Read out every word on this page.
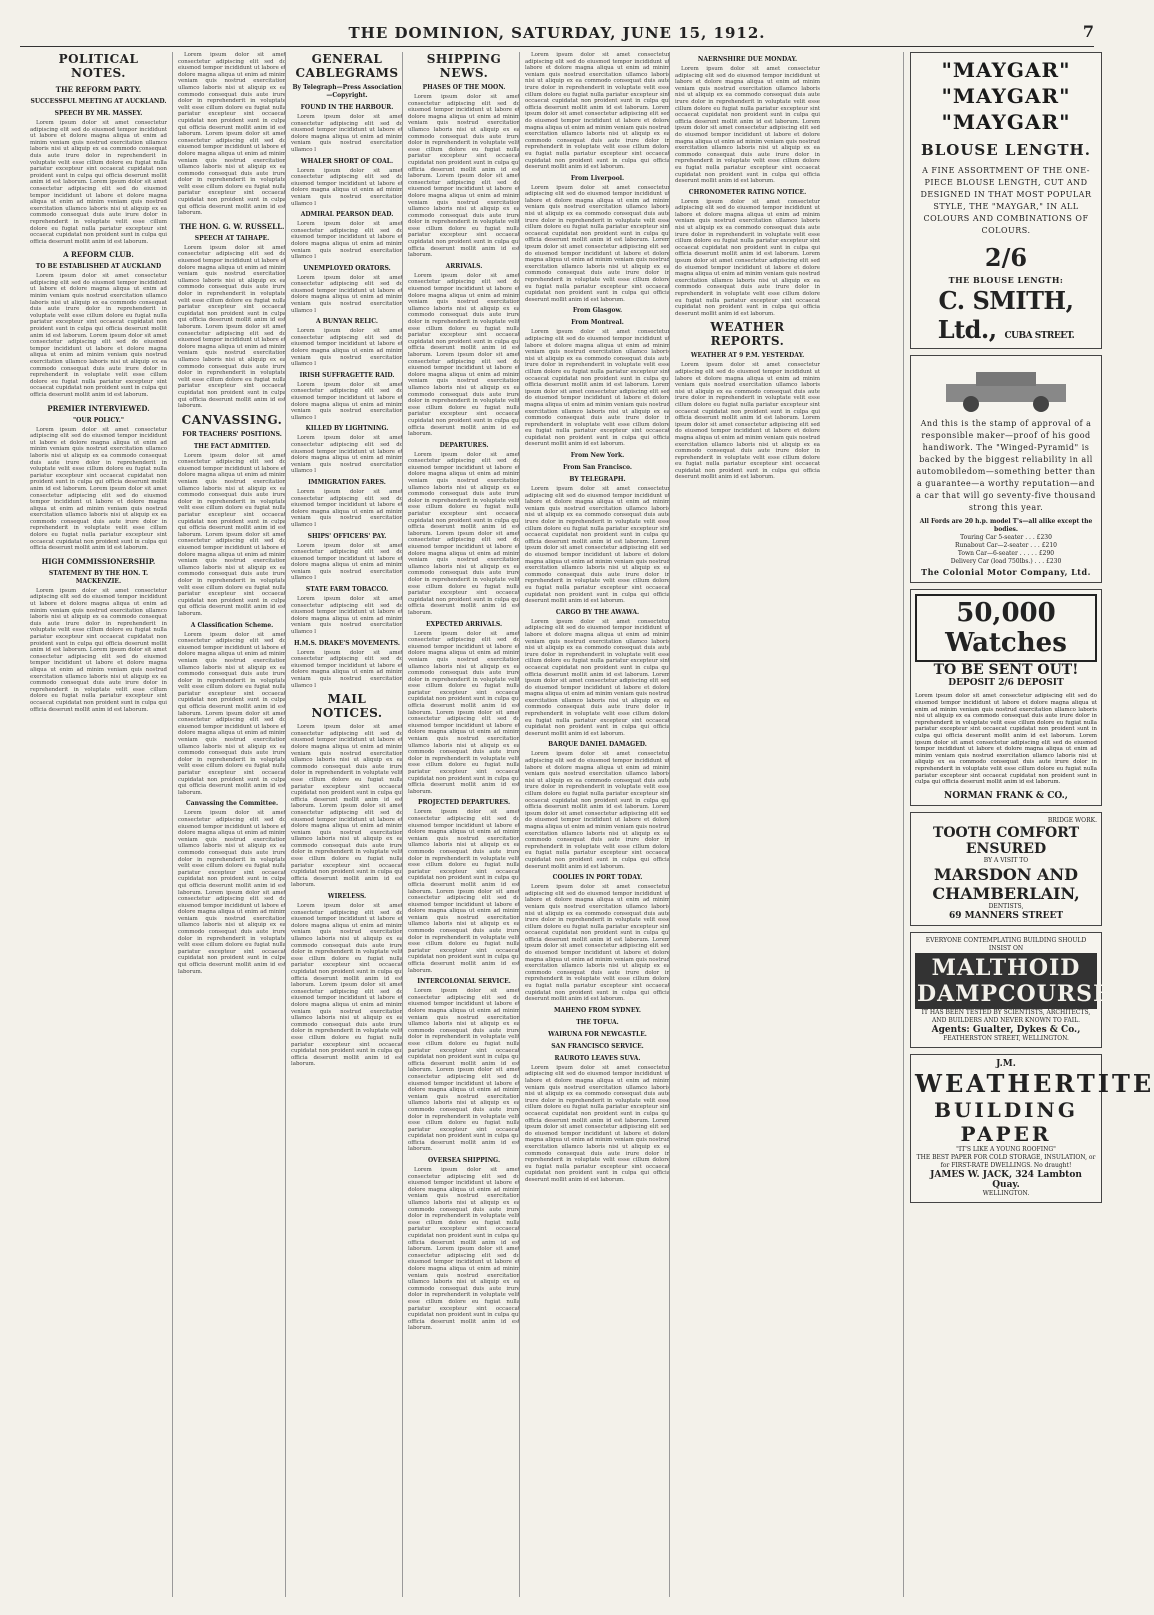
THE DOMINION, SATURDAY, JUNE 15, 1912.	7
POLITICAL NOTES.
THE REFORM PARTY.
SUCCESSFUL MEETING AT AUCKLAND.
SPEECH BY MR. MASSEY.

Lorem ipsum dolor sit amet consectetur adipiscing elit sed do eiusmod tempor incididunt ut labore et dolore magna aliqua ut enim ad minim veniam quis nostrud exercitation ullamco laboris nisi ut aliquip ex ea commodo consequat duis aute irure dolor in reprehenderit in voluptate velit esse cillum dolore eu fugiat nulla pariatur excepteur sint occaecat cupidatat non proident sunt in culpa qui officia deserunt mollit anim id est laborum. Lorem ipsum dolor sit amet consectetur adipiscing elit sed do eiusmod tempor incididunt ut labore et dolore magna aliqua ut enim ad minim veniam quis nostrud exercitation ullamco laboris nisi ut aliquip ex ea commodo consequat duis aute irure dolor in reprehenderit in voluptate velit esse cillum dolore eu fugiat nulla pariatur excepteur sint occaecat cupidatat non proident sunt in culpa qui officia deserunt mollit anim id est laborum.

A REFORM CLUB.
TO BE ESTABLISHED AT AUCKLAND

Lorem ipsum dolor sit amet consectetur adipiscing elit sed do eiusmod tempor incididunt ut labore et dolore magna aliqua ut enim ad minim veniam quis nostrud exercitation ullamco laboris nisi ut aliquip ex ea commodo consequat duis aute irure dolor in reprehenderit in voluptate velit esse cillum dolore eu fugiat nulla pariatur excepteur sint occaecat cupidatat non proident sunt in culpa qui officia deserunt mollit anim id est laborum. Lorem ipsum dolor sit amet consectetur adipiscing elit sed do eiusmod tempor incididunt ut labore et dolore magna aliqua ut enim ad minim veniam quis nostrud exercitation ullamco laboris nisi ut aliquip ex ea commodo consequat duis aute irure dolor in reprehenderit in voluptate velit esse cillum dolore eu fugiat nulla pariatur excepteur sint occaecat cupidatat non proident sunt in culpa qui officia deserunt mollit anim id est laborum.

PREMIER INTERVIEWED.
"OUR POLICY."

Lorem ipsum dolor sit amet consectetur adipiscing elit sed do eiusmod tempor incididunt ut labore et dolore magna aliqua ut enim ad minim veniam quis nostrud exercitation ullamco laboris nisi ut aliquip ex ea commodo consequat duis aute irure dolor in reprehenderit in voluptate velit esse cillum dolore eu fugiat nulla pariatur excepteur sint occaecat cupidatat non proident sunt in culpa qui officia deserunt mollit anim id est laborum. Lorem ipsum dolor sit amet consectetur adipiscing elit sed do eiusmod tempor incididunt ut labore et dolore magna aliqua ut enim ad minim veniam quis nostrud exercitation ullamco laboris nisi ut aliquip ex ea commodo consequat duis aute irure dolor in reprehenderit in voluptate velit esse cillum dolore eu fugiat nulla pariatur excepteur sint occaecat cupidatat non proident sunt in culpa qui officia deserunt mollit anim id est laborum.

HIGH COMMISSIONERSHIP.
STATEMENT BY THE HON. T. MACKENZIE.

Lorem ipsum dolor sit amet consectetur adipiscing elit sed do eiusmod tempor incididunt ut labore et dolore magna aliqua ut enim ad minim veniam quis nostrud exercitation ullamco laboris nisi ut aliquip ex ea commodo consequat duis aute irure dolor in reprehenderit in voluptate velit esse cillum dolore eu fugiat nulla pariatur excepteur sint occaecat cupidatat non proident sunt in culpa qui officia deserunt mollit anim id est laborum. Lorem ipsum dolor sit amet consectetur adipiscing elit sed do eiusmod tempor incididunt ut labore et dolore magna aliqua ut enim ad minim veniam quis nostrud exercitation ullamco laboris nisi ut aliquip ex ea commodo consequat duis aute irure dolor in reprehenderit in voluptate velit esse cillum dolore eu fugiat nulla pariatur excepteur sint occaecat cupidatat non proident sunt in culpa qui officia deserunt mollit anim id est laborum.

Lorem ipsum dolor sit amet consectetur adipiscing elit sed do eiusmod tempor incididunt ut labore et dolore magna aliqua ut enim ad minim veniam quis nostrud exercitation ullamco laboris nisi ut aliquip ex ea commodo consequat duis aute irure dolor in reprehenderit in voluptate velit esse cillum dolore eu fugiat nulla pariatur excepteur sint occaecat cupidatat non proident sunt in culpa qui officia deserunt mollit anim id est laborum. Lorem ipsum dolor sit amet consectetur adipiscing elit sed do eiusmod tempor incididunt ut labore et dolore magna aliqua ut enim ad minim veniam quis nostrud exercitation ullamco laboris nisi ut aliquip ex ea commodo consequat duis aute irure dolor in reprehenderit in voluptate velit esse cillum dolore eu fugiat nulla pariatur excepteur sint occaecat cupidatat non proident sunt in culpa qui officia deserunt mollit anim id est laborum.

THE HON. G. W. RUSSELL.
SPEECH AT TAIHAPE.

Lorem ipsum dolor sit amet consectetur adipiscing elit sed do eiusmod tempor incididunt ut labore et dolore magna aliqua ut enim ad minim veniam quis nostrud exercitation ullamco laboris nisi ut aliquip ex ea commodo consequat duis aute irure dolor in reprehenderit in voluptate velit esse cillum dolore eu fugiat nulla pariatur excepteur sint occaecat cupidatat non proident sunt in culpa qui officia deserunt mollit anim id est laborum. Lorem ipsum dolor sit amet consectetur adipiscing elit sed do eiusmod tempor incididunt ut labore et dolore magna aliqua ut enim ad minim veniam quis nostrud exercitation ullamco laboris nisi ut aliquip ex ea commodo consequat duis aute irure dolor in reprehenderit in voluptate velit esse cillum dolore eu fugiat nulla pariatur excepteur sint occaecat cupidatat non proident sunt in culpa qui officia deserunt mollit anim id est laborum.

CANVASSING.
FOR TEACHERS' POSITIONS.
THE FACT ADMITTED.

Lorem ipsum dolor sit amet consectetur adipiscing elit sed do eiusmod tempor incididunt ut labore et dolore magna aliqua ut enim ad minim veniam quis nostrud exercitation ullamco laboris nisi ut aliquip ex ea commodo consequat duis aute irure dolor in reprehenderit in voluptate velit esse cillum dolore eu fugiat nulla pariatur excepteur sint occaecat cupidatat non proident sunt in culpa qui officia deserunt mollit anim id est laborum. Lorem ipsum dolor sit amet consectetur adipiscing elit sed do eiusmod tempor incididunt ut labore et dolore magna aliqua ut enim ad minim veniam quis nostrud exercitation ullamco laboris nisi ut aliquip ex ea commodo consequat duis aute irure dolor in reprehenderit in voluptate velit esse cillum dolore eu fugiat nulla pariatur excepteur sint occaecat cupidatat non proident sunt in culpa qui officia deserunt mollit anim id est laborum.

A Classification Scheme.

Lorem ipsum dolor sit amet consectetur adipiscing elit sed do eiusmod tempor incididunt ut labore et dolore magna aliqua ut enim ad minim veniam quis nostrud exercitation ullamco laboris nisi ut aliquip ex ea commodo consequat duis aute irure dolor in reprehenderit in voluptate velit esse cillum dolore eu fugiat nulla pariatur excepteur sint occaecat cupidatat non proident sunt in culpa qui officia deserunt mollit anim id est laborum. Lorem ipsum dolor sit amet consectetur adipiscing elit sed do eiusmod tempor incididunt ut labore et dolore magna aliqua ut enim ad minim veniam quis nostrud exercitation ullamco laboris nisi ut aliquip ex ea commodo consequat duis aute irure dolor in reprehenderit in voluptate velit esse cillum dolore eu fugiat nulla pariatur excepteur sint occaecat cupidatat non proident sunt in culpa qui officia deserunt mollit anim id est laborum.

Canvassing the Committee.

Lorem ipsum dolor sit amet consectetur adipiscing elit sed do eiusmod tempor incididunt ut labore et dolore magna aliqua ut enim ad minim veniam quis nostrud exercitation ullamco laboris nisi ut aliquip ex ea commodo consequat duis aute irure dolor in reprehenderit in voluptate velit esse cillum dolore eu fugiat nulla pariatur excepteur sint occaecat cupidatat non proident sunt in culpa qui officia deserunt mollit anim id est laborum. Lorem ipsum dolor sit amet consectetur adipiscing elit sed do eiusmod tempor incididunt ut labore et dolore magna aliqua ut enim ad minim veniam quis nostrud exercitation ullamco laboris nisi ut aliquip ex ea commodo consequat duis aute irure dolor in reprehenderit in voluptate velit esse cillum dolore eu fugiat nulla pariatur excepteur sint occaecat cupidatat non proident sunt in culpa qui officia deserunt mollit anim id est laborum.

GENERAL CABLEGRAMS
By Telegraph—Press Association—Copyright.
FOUND IN THE HARBOUR.

Lorem ipsum dolor sit amet consectetur adipiscing elit sed do eiusmod tempor incididunt ut labore et dolore magna aliqua ut enim ad minim veniam quis nostrud exercitation ullamco l

WHALER SHORT OF COAL.

Lorem ipsum dolor sit amet consectetur adipiscing elit sed do eiusmod tempor incididunt ut labore et dolore magna aliqua ut enim ad minim veniam quis nostrud exercitation ullamco l

ADMIRAL PEARSON DEAD.

Lorem ipsum dolor sit amet consectetur adipiscing elit sed do eiusmod tempor incididunt ut labore et dolore magna aliqua ut enim ad minim veniam quis nostrud exercitation ullamco l

UNEMPLOYED ORATORS.

Lorem ipsum dolor sit amet consectetur adipiscing elit sed do eiusmod tempor incididunt ut labore et dolore magna aliqua ut enim ad minim veniam quis nostrud exercitation ullamco l

A BUNYAN RELIC.

Lorem ipsum dolor sit amet consectetur adipiscing elit sed do eiusmod tempor incididunt ut labore et dolore magna aliqua ut enim ad minim veniam quis nostrud exercitation ullamco l

IRISH SUFFRAGETTE RAID.

Lorem ipsum dolor sit amet consectetur adipiscing elit sed do eiusmod tempor incididunt ut labore et dolore magna aliqua ut enim ad minim veniam quis nostrud exercitation ullamco l

KILLED BY LIGHTNING.

Lorem ipsum dolor sit amet consectetur adipiscing elit sed do eiusmod tempor incididunt ut labore et dolore magna aliqua ut enim ad minim veniam quis nostrud exercitation ullamco l

IMMIGRATION FARES.

Lorem ipsum dolor sit amet consectetur adipiscing elit sed do eiusmod tempor incididunt ut labore et dolore magna aliqua ut enim ad minim veniam quis nostrud exercitation ullamco l

SHIPS' OFFICERS' PAY.

Lorem ipsum dolor sit amet consectetur adipiscing elit sed do eiusmod tempor incididunt ut labore et dolore magna aliqua ut enim ad minim veniam quis nostrud exercitation ullamco l

STATE FARM TOBACCO.

Lorem ipsum dolor sit amet consectetur adipiscing elit sed do eiusmod tempor incididunt ut labore et dolore magna aliqua ut enim ad minim veniam quis nostrud exercitation ullamco l

H.M.S. DRAKE'S MOVEMENTS.

Lorem ipsum dolor sit amet consectetur adipiscing elit sed do eiusmod tempor incididunt ut labore et dolore magna aliqua ut enim ad minim veniam quis nostrud exercitation ullamco l

MAIL NOTICES.

Lorem ipsum dolor sit amet consectetur adipiscing elit sed do eiusmod tempor incididunt ut labore et dolore magna aliqua ut enim ad minim veniam quis nostrud exercitation ullamco laboris nisi ut aliquip ex ea commodo consequat duis aute irure dolor in reprehenderit in voluptate velit esse cillum dolore eu fugiat nulla pariatur excepteur sint occaecat cupidatat non proident sunt in culpa qui officia deserunt mollit anim id est laborum. Lorem ipsum dolor sit amet consectetur adipiscing elit sed do eiusmod tempor incididunt ut labore et dolore magna aliqua ut enim ad minim veniam quis nostrud exercitation ullamco laboris nisi ut aliquip ex ea commodo consequat duis aute irure dolor in reprehenderit in voluptate velit esse cillum dolore eu fugiat nulla pariatur excepteur sint occaecat cupidatat non proident sunt in culpa qui officia deserunt mollit anim id est laborum.

WIRELESS.

Lorem ipsum dolor sit amet consectetur adipiscing elit sed do eiusmod tempor incididunt ut labore et dolore magna aliqua ut enim ad minim veniam quis nostrud exercitation ullamco laboris nisi ut aliquip ex ea commodo consequat duis aute irure dolor in reprehenderit in voluptate velit esse cillum dolore eu fugiat nulla pariatur excepteur sint occaecat cupidatat non proident sunt in culpa qui officia deserunt mollit anim id est laborum. Lorem ipsum dolor sit amet consectetur adipiscing elit sed do eiusmod tempor incididunt ut labore et dolore magna aliqua ut enim ad minim veniam quis nostrud exercitation ullamco laboris nisi ut aliquip ex ea commodo consequat duis aute irure dolor in reprehenderit in voluptate velit esse cillum dolore eu fugiat nulla pariatur excepteur sint occaecat cupidatat non proident sunt in culpa qui officia deserunt mollit anim id est laborum.

SHIPPING NEWS.
PHASES OF THE MOON.

Lorem ipsum dolor sit amet consectetur adipiscing elit sed do eiusmod tempor incididunt ut labore et dolore magna aliqua ut enim ad minim veniam quis nostrud exercitation ullamco laboris nisi ut aliquip ex ea commodo consequat duis aute irure dolor in reprehenderit in voluptate velit esse cillum dolore eu fugiat nulla pariatur excepteur sint occaecat cupidatat non proident sunt in culpa qui officia deserunt mollit anim id est laborum. Lorem ipsum dolor sit amet consectetur adipiscing elit sed do eiusmod tempor incididunt ut labore et dolore magna aliqua ut enim ad minim veniam quis nostrud exercitation ullamco laboris nisi ut aliquip ex ea commodo consequat duis aute irure dolor in reprehenderit in voluptate velit esse cillum dolore eu fugiat nulla pariatur excepteur sint occaecat cupidatat non proident sunt in culpa qui officia deserunt mollit anim id est laborum.

ARRIVALS.

Lorem ipsum dolor sit amet consectetur adipiscing elit sed do eiusmod tempor incididunt ut labore et dolore magna aliqua ut enim ad minim veniam quis nostrud exercitation ullamco laboris nisi ut aliquip ex ea commodo consequat duis aute irure dolor in reprehenderit in voluptate velit esse cillum dolore eu fugiat nulla pariatur excepteur sint occaecat cupidatat non proident sunt in culpa qui officia deserunt mollit anim id est laborum. Lorem ipsum dolor sit amet consectetur adipiscing elit sed do eiusmod tempor incididunt ut labore et dolore magna aliqua ut enim ad minim veniam quis nostrud exercitation ullamco laboris nisi ut aliquip ex ea commodo consequat duis aute irure dolor in reprehenderit in voluptate velit esse cillum dolore eu fugiat nulla pariatur excepteur sint occaecat cupidatat non proident sunt in culpa qui officia deserunt mollit anim id est laborum.

DEPARTURES.

Lorem ipsum dolor sit amet consectetur adipiscing elit sed do eiusmod tempor incididunt ut labore et dolore magna aliqua ut enim ad minim veniam quis nostrud exercitation ullamco laboris nisi ut aliquip ex ea commodo consequat duis aute irure dolor in reprehenderit in voluptate velit esse cillum dolore eu fugiat nulla pariatur excepteur sint occaecat cupidatat non proident sunt in culpa qui officia deserunt mollit anim id est laborum. Lorem ipsum dolor sit amet consectetur adipiscing elit sed do eiusmod tempor incididunt ut labore et dolore magna aliqua ut enim ad minim veniam quis nostrud exercitation ullamco laboris nisi ut aliquip ex ea commodo consequat duis aute irure dolor in reprehenderit in voluptate velit esse cillum dolore eu fugiat nulla pariatur excepteur sint occaecat cupidatat non proident sunt in culpa qui officia deserunt mollit anim id est laborum.

EXPECTED ARRIVALS.

Lorem ipsum dolor sit amet consectetur adipiscing elit sed do eiusmod tempor incididunt ut labore et dolore magna aliqua ut enim ad minim veniam quis nostrud exercitation ullamco laboris nisi ut aliquip ex ea commodo consequat duis aute irure dolor in reprehenderit in voluptate velit esse cillum dolore eu fugiat nulla pariatur excepteur sint occaecat cupidatat non proident sunt in culpa qui officia deserunt mollit anim id est laborum. Lorem ipsum dolor sit amet consectetur adipiscing elit sed do eiusmod tempor incididunt ut labore et dolore magna aliqua ut enim ad minim veniam quis nostrud exercitation ullamco laboris nisi ut aliquip ex ea commodo consequat duis aute irure dolor in reprehenderit in voluptate velit esse cillum dolore eu fugiat nulla pariatur excepteur sint occaecat cupidatat non proident sunt in culpa qui officia deserunt mollit anim id est laborum.

PROJECTED DEPARTURES.

Lorem ipsum dolor sit amet consectetur adipiscing elit sed do eiusmod tempor incididunt ut labore et dolore magna aliqua ut enim ad minim veniam quis nostrud exercitation ullamco laboris nisi ut aliquip ex ea commodo consequat duis aute irure dolor in reprehenderit in voluptate velit esse cillum dolore eu fugiat nulla pariatur excepteur sint occaecat cupidatat non proident sunt in culpa qui officia deserunt mollit anim id est laborum. Lorem ipsum dolor sit amet consectetur adipiscing elit sed do eiusmod tempor incididunt ut labore et dolore magna aliqua ut enim ad minim veniam quis nostrud exercitation ullamco laboris nisi ut aliquip ex ea commodo consequat duis aute irure dolor in reprehenderit in voluptate velit esse cillum dolore eu fugiat nulla pariatur excepteur sint occaecat cupidatat non proident sunt in culpa qui officia deserunt mollit anim id est laborum.

INTERCOLONIAL SERVICE.

Lorem ipsum dolor sit amet consectetur adipiscing elit sed do eiusmod tempor incididunt ut labore et dolore magna aliqua ut enim ad minim veniam quis nostrud exercitation ullamco laboris nisi ut aliquip ex ea commodo consequat duis aute irure dolor in reprehenderit in voluptate velit esse cillum dolore eu fugiat nulla pariatur excepteur sint occaecat cupidatat non proident sunt in culpa qui officia deserunt mollit anim id est laborum. Lorem ipsum dolor sit amet consectetur adipiscing elit sed do eiusmod tempor incididunt ut labore et dolore magna aliqua ut enim ad minim veniam quis nostrud exercitation ullamco laboris nisi ut aliquip ex ea commodo consequat duis aute irure dolor in reprehenderit in voluptate velit esse cillum dolore eu fugiat nulla pariatur excepteur sint occaecat cupidatat non proident sunt in culpa qui officia deserunt mollit anim id est laborum.

OVERSEA SHIPPING.

Lorem ipsum dolor sit amet consectetur adipiscing elit sed do eiusmod tempor incididunt ut labore et dolore magna aliqua ut enim ad minim veniam quis nostrud exercitation ullamco laboris nisi ut aliquip ex ea commodo consequat duis aute irure dolor in reprehenderit in voluptate velit esse cillum dolore eu fugiat nulla pariatur excepteur sint occaecat cupidatat non proident sunt in culpa qui officia deserunt mollit anim id est laborum. Lorem ipsum dolor sit amet consectetur adipiscing elit sed do eiusmod tempor incididunt ut labore et dolore magna aliqua ut enim ad minim veniam quis nostrud exercitation ullamco laboris nisi ut aliquip ex ea commodo consequat duis aute irure dolor in reprehenderit in voluptate velit esse cillum dolore eu fugiat nulla pariatur excepteur sint occaecat cupidatat non proident sunt in culpa qui officia deserunt mollit anim id est laborum.

Lorem ipsum dolor sit amet consectetur adipiscing elit sed do eiusmod tempor incididunt ut labore et dolore magna aliqua ut enim ad minim veniam quis nostrud exercitation ullamco laboris nisi ut aliquip ex ea commodo consequat duis aute irure dolor in reprehenderit in voluptate velit esse cillum dolore eu fugiat nulla pariatur excepteur sint occaecat cupidatat non proident sunt in culpa qui officia deserunt mollit anim id est laborum. Lorem ipsum dolor sit amet consectetur adipiscing elit sed do eiusmod tempor incididunt ut labore et dolore magna aliqua ut enim ad minim veniam quis nostrud exercitation ullamco laboris nisi ut aliquip ex ea commodo consequat duis aute irure dolor in reprehenderit in voluptate velit esse cillum dolore eu fugiat nulla pariatur excepteur sint occaecat cupidatat non proident sunt in culpa qui officia deserunt mollit anim id est laborum.

From Liverpool.

Lorem ipsum dolor sit amet consectetur adipiscing elit sed do eiusmod tempor incididunt ut labore et dolore magna aliqua ut enim ad minim veniam quis nostrud exercitation ullamco laboris nisi ut aliquip ex ea commodo consequat duis aute irure dolor in reprehenderit in voluptate velit esse cillum dolore eu fugiat nulla pariatur excepteur sint occaecat cupidatat non proident sunt in culpa qui officia deserunt mollit anim id est laborum. Lorem ipsum dolor sit amet consectetur adipiscing elit sed do eiusmod tempor incididunt ut labore et dolore magna aliqua ut enim ad minim veniam quis nostrud exercitation ullamco laboris nisi ut aliquip ex ea commodo consequat duis aute irure dolor in reprehenderit in voluptate velit esse cillum dolore eu fugiat nulla pariatur excepteur sint occaecat cupidatat non proident sunt in culpa qui officia deserunt mollit anim id est laborum.

From Glasgow.
From Montreal.

Lorem ipsum dolor sit amet consectetur adipiscing elit sed do eiusmod tempor incididunt ut labore et dolore magna aliqua ut enim ad minim veniam quis nostrud exercitation ullamco laboris nisi ut aliquip ex ea commodo consequat duis aute irure dolor in reprehenderit in voluptate velit esse cillum dolore eu fugiat nulla pariatur excepteur sint occaecat cupidatat non proident sunt in culpa qui officia deserunt mollit anim id est laborum. Lorem ipsum dolor sit amet consectetur adipiscing elit sed do eiusmod tempor incididunt ut labore et dolore magna aliqua ut enim ad minim veniam quis nostrud exercitation ullamco laboris nisi ut aliquip ex ea commodo consequat duis aute irure dolor in reprehenderit in voluptate velit esse cillum dolore eu fugiat nulla pariatur excepteur sint occaecat cupidatat non proident sunt in culpa qui officia deserunt mollit anim id est laborum.

From New York.
From San Francisco.
BY TELEGRAPH.

Lorem ipsum dolor sit amet consectetur adipiscing elit sed do eiusmod tempor incididunt ut labore et dolore magna aliqua ut enim ad minim veniam quis nostrud exercitation ullamco laboris nisi ut aliquip ex ea commodo consequat duis aute irure dolor in reprehenderit in voluptate velit esse cillum dolore eu fugiat nulla pariatur excepteur sint occaecat cupidatat non proident sunt in culpa qui officia deserunt mollit anim id est laborum. Lorem ipsum dolor sit amet consectetur adipiscing elit sed do eiusmod tempor incididunt ut labore et dolore magna aliqua ut enim ad minim veniam quis nostrud exercitation ullamco laboris nisi ut aliquip ex ea commodo consequat duis aute irure dolor in reprehenderit in voluptate velit esse cillum dolore eu fugiat nulla pariatur excepteur sint occaecat cupidatat non proident sunt in culpa qui officia deserunt mollit anim id est laborum.

CARGO BY THE AWAWA.

Lorem ipsum dolor sit amet consectetur adipiscing elit sed do eiusmod tempor incididunt ut labore et dolore magna aliqua ut enim ad minim veniam quis nostrud exercitation ullamco laboris nisi ut aliquip ex ea commodo consequat duis aute irure dolor in reprehenderit in voluptate velit esse cillum dolore eu fugiat nulla pariatur excepteur sint occaecat cupidatat non proident sunt in culpa qui officia deserunt mollit anim id est laborum. Lorem ipsum dolor sit amet consectetur adipiscing elit sed do eiusmod tempor incididunt ut labore et dolore magna aliqua ut enim ad minim veniam quis nostrud exercitation ullamco laboris nisi ut aliquip ex ea commodo consequat duis aute irure dolor in reprehenderit in voluptate velit esse cillum dolore eu fugiat nulla pariatur excepteur sint occaecat cupidatat non proident sunt in culpa qui officia deserunt mollit anim id est laborum.

BARQUE DANIEL DAMAGED.

Lorem ipsum dolor sit amet consectetur adipiscing elit sed do eiusmod tempor incididunt ut labore et dolore magna aliqua ut enim ad minim veniam quis nostrud exercitation ullamco laboris nisi ut aliquip ex ea commodo consequat duis aute irure dolor in reprehenderit in voluptate velit esse cillum dolore eu fugiat nulla pariatur excepteur sint occaecat cupidatat non proident sunt in culpa qui officia deserunt mollit anim id est laborum. Lorem ipsum dolor sit amet consectetur adipiscing elit sed do eiusmod tempor incididunt ut labore et dolore magna aliqua ut enim ad minim veniam quis nostrud exercitation ullamco laboris nisi ut aliquip ex ea commodo consequat duis aute irure dolor in reprehenderit in voluptate velit esse cillum dolore eu fugiat nulla pariatur excepteur sint occaecat cupidatat non proident sunt in culpa qui officia deserunt mollit anim id est laborum.

COOLIES IN PORT TODAY.

Lorem ipsum dolor sit amet consectetur adipiscing elit sed do eiusmod tempor incididunt ut labore et dolore magna aliqua ut enim ad minim veniam quis nostrud exercitation ullamco laboris nisi ut aliquip ex ea commodo consequat duis aute irure dolor in reprehenderit in voluptate velit esse cillum dolore eu fugiat nulla pariatur excepteur sint occaecat cupidatat non proident sunt in culpa qui officia deserunt mollit anim id est laborum. Lorem ipsum dolor sit amet consectetur adipiscing elit sed do eiusmod tempor incididunt ut labore et dolore magna aliqua ut enim ad minim veniam quis nostrud exercitation ullamco laboris nisi ut aliquip ex ea commodo consequat duis aute irure dolor in reprehenderit in voluptate velit esse cillum dolore eu fugiat nulla pariatur excepteur sint occaecat cupidatat non proident sunt in culpa qui officia deserunt mollit anim id est laborum.

MAHENO FROM SYDNEY.
THE TOFUA.
WAIRUNA FOR NEWCASTLE.
SAN FRANCISCO SERVICE.
RAUROTO LEAVES SUVA.

Lorem ipsum dolor sit amet consectetur adipiscing elit sed do eiusmod tempor incididunt ut labore et dolore magna aliqua ut enim ad minim veniam quis nostrud exercitation ullamco laboris nisi ut aliquip ex ea commodo consequat duis aute irure dolor in reprehenderit in voluptate velit esse cillum dolore eu fugiat nulla pariatur excepteur sint occaecat cupidatat non proident sunt in culpa qui officia deserunt mollit anim id est laborum. Lorem ipsum dolor sit amet consectetur adipiscing elit sed do eiusmod tempor incididunt ut labore et dolore magna aliqua ut enim ad minim veniam quis nostrud exercitation ullamco laboris nisi ut aliquip ex ea commodo consequat duis aute irure dolor in reprehenderit in voluptate velit esse cillum dolore eu fugiat nulla pariatur excepteur sint occaecat cupidatat non proident sunt in culpa qui officia deserunt mollit anim id est laborum.

NAERNSHIRE DUE MONDAY.

Lorem ipsum dolor sit amet consectetur adipiscing elit sed do eiusmod tempor incididunt ut labore et dolore magna aliqua ut enim ad minim veniam quis nostrud exercitation ullamco laboris nisi ut aliquip ex ea commodo consequat duis aute irure dolor in reprehenderit in voluptate velit esse cillum dolore eu fugiat nulla pariatur excepteur sint occaecat cupidatat non proident sunt in culpa qui officia deserunt mollit anim id est laborum. Lorem ipsum dolor sit amet consectetur adipiscing elit sed do eiusmod tempor incididunt ut labore et dolore magna aliqua ut enim ad minim veniam quis nostrud exercitation ullamco laboris nisi ut aliquip ex ea commodo consequat duis aute irure dolor in reprehenderit in voluptate velit esse cillum dolore eu fugiat nulla pariatur excepteur sint occaecat cupidatat non proident sunt in culpa qui officia deserunt mollit anim id est laborum.

CHRONOMETER RATING NOTICE.

Lorem ipsum dolor sit amet consectetur adipiscing elit sed do eiusmod tempor incididunt ut labore et dolore magna aliqua ut enim ad minim veniam quis nostrud exercitation ullamco laboris nisi ut aliquip ex ea commodo consequat duis aute irure dolor in reprehenderit in voluptate velit esse cillum dolore eu fugiat nulla pariatur excepteur sint occaecat cupidatat non proident sunt in culpa qui officia deserunt mollit anim id est laborum. Lorem ipsum dolor sit amet consectetur adipiscing elit sed do eiusmod tempor incididunt ut labore et dolore magna aliqua ut enim ad minim veniam quis nostrud exercitation ullamco laboris nisi ut aliquip ex ea commodo consequat duis aute irure dolor in reprehenderit in voluptate velit esse cillum dolore eu fugiat nulla pariatur excepteur sint occaecat cupidatat non proident sunt in culpa qui officia deserunt mollit anim id est laborum.

WEATHER REPORTS.
WEATHER AT 9 P.M. YESTERDAY.

Lorem ipsum dolor sit amet consectetur adipiscing elit sed do eiusmod tempor incididunt ut labore et dolore magna aliqua ut enim ad minim veniam quis nostrud exercitation ullamco laboris nisi ut aliquip ex ea commodo consequat duis aute irure dolor in reprehenderit in voluptate velit esse cillum dolore eu fugiat nulla pariatur excepteur sint occaecat cupidatat non proident sunt in culpa qui officia deserunt mollit anim id est laborum. Lorem ipsum dolor sit amet consectetur adipiscing elit sed do eiusmod tempor incididunt ut labore et dolore magna aliqua ut enim ad minim veniam quis nostrud exercitation ullamco laboris nisi ut aliquip ex ea commodo consequat duis aute irure dolor in reprehenderit in voluptate velit esse cillum dolore eu fugiat nulla pariatur excepteur sint occaecat cupidatat non proident sunt in culpa qui officia deserunt mollit anim id est laborum.

"MAYGAR"
"MAYGAR"
"MAYGAR"
BLOUSE LENGTH.
A FINE ASSORTMENT OF THE ONE-PIECE BLOUSE LENGTH, CUT AND DESIGNED IN THAT MOST POPULAR STYLE, THE "MAYGAR," IN ALL COLOURS AND COMBINATIONS OF COLOURS.
2/6
THE BLOUSE LENGTH:
C. SMITH, Ltd., CUBA STREET.
And this is the stamp of approval of a responsible maker—proof of his good handiwork. The "Winged-Pyramid" is backed by the biggest reliability in all automobiledom—something better than a guarantee—a worthy reputation—and a car that will go seventy-five thousand strong this year.
All Fords are 20 h.p. model T's—all alike except the bodies.
Touring Car 5-seater . . . £230
Runabout Car—2-seater . . . £210
Town Car—6-seater . . . . . £290
Delivery Car (load 750lbs.) . . . £230
The Colonial Motor Company, Ltd.
50,000 Watches
TO BE SENT OUT!
DEPOSIT 2/6 DEPOSIT

Lorem ipsum dolor sit amet consectetur adipiscing elit sed do eiusmod tempor incididunt ut labore et dolore magna aliqua ut enim ad minim veniam quis nostrud exercitation ullamco laboris nisi ut aliquip ex ea commodo consequat duis aute irure dolor in reprehenderit in voluptate velit esse cillum dolore eu fugiat nulla pariatur excepteur sint occaecat cupidatat non proident sunt in culpa qui officia deserunt mollit anim id est laborum. Lorem ipsum dolor sit amet consectetur adipiscing elit sed do eiusmod tempor incididunt ut labore et dolore magna aliqua ut enim ad minim veniam quis nostrud exercitation ullamco laboris nisi ut aliquip ex ea commodo consequat duis aute irure dolor in reprehenderit in voluptate velit esse cillum dolore eu fugiat nulla pariatur excepteur sint occaecat cupidatat non proident sunt in culpa qui officia deserunt mollit anim id est laborum.

NORMAN FRANK & CO.,
BRIDGE WORK.
TOOTH COMFORT ENSURED
BY A VISIT TO
MARSDON AND CHAMBERLAIN,
DENTISTS,
69 MANNERS STREET
EVERYONE CONTEMPLATING BUILDING SHOULD INSIST ON
MALTHOID DAMPCOURSE
IT HAS BEEN TESTED BY SCIENTISTS, ARCHITECTS, AND BUILDERS AND NEVER KNOWN TO FAIL.
Agents: Gualter, Dykes & Co.,
FEATHERSTON STREET, WELLINGTON.
J.M.
WEATHERTITE
BUILDING PAPER
"IT'S LIKE A YOUNG ROOFING"
THE BEST PAPER FOR COLD STORAGE, INSULATION, or for FIRST-RATE DWELLINGS. No draught!
JAMES W. JACK, 324 Lambton Quay.
WELLINGTON.
